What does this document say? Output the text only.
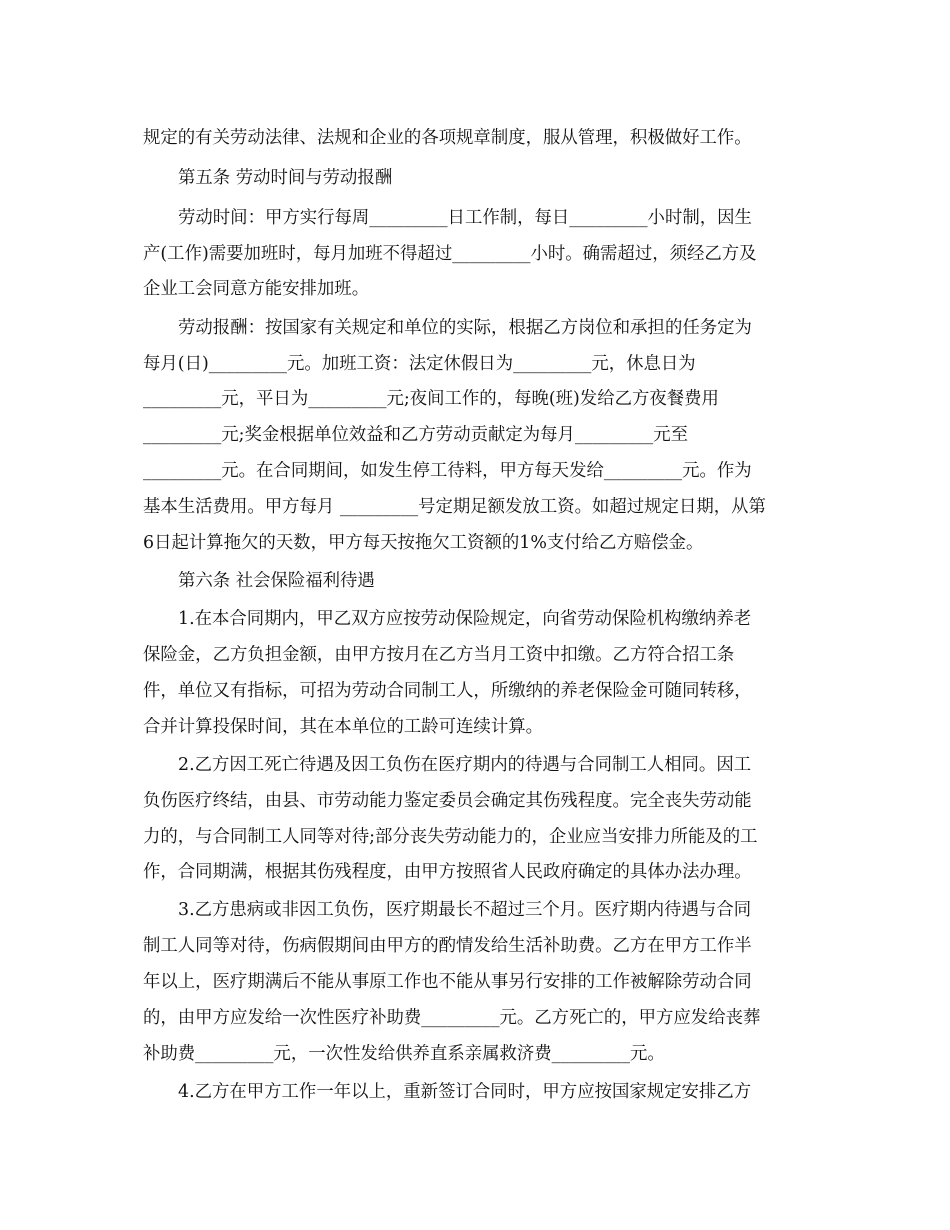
规定的有关劳动法律、法规和企业的各项规章制度，服从管理，积极做好工作。
第五条 劳动时间与劳动报酬
劳动时间：甲方实行每周_________日工作制，每日_________小时制，因生
产(工作)需要加班时，每月加班不得超过_________小时。确需超过，须经乙方及
企业工会同意方能安排加班。
劳动报酬：按国家有关规定和单位的实际，根据乙方岗位和承担的任务定为
每月(日)_________元。加班工资：法定休假日为_________元，休息日为
_________元，平日为_________元;夜间工作的，每晚(班)发给乙方夜餐费用
_________元;奖金根据单位效益和乙方劳动贡献定为每月_________元至
_________元。在合同期间，如发生停工待料，甲方每天发给_________元。作为
基本生活费用。甲方每月 _________号定期足额发放工资。如超过规定日期，从第
6日起计算拖欠的天数，甲方每天按拖欠工资额的1%支付给乙方赔偿金。
第六条 社会保险福利待遇
1.在本合同期内，甲乙双方应按劳动保险规定，向省劳动保险机构缴纳养老
保险金，乙方负担金额，由甲方按月在乙方当月工资中扣缴。乙方符合招工条
件，单位又有指标，可招为劳动合同制工人，所缴纳的养老保险金可随同转移，
合并计算投保时间，其在本单位的工龄可连续计算。
2.乙方因工死亡待遇及因工负伤在医疗期内的待遇与合同制工人相同。因工
负伤医疗终结，由县、市劳动能力鉴定委员会确定其伤残程度。完全丧失劳动能
力的，与合同制工人同等对待;部分丧失劳动能力的，企业应当安排力所能及的工
作，合同期满，根据其伤残程度，由甲方按照省人民政府确定的具体办法办理。
3.乙方患病或非因工负伤，医疗期最长不超过三个月。医疗期内待遇与合同
制工人同等对待，伤病假期间由甲方的酌情发给生活补助费。乙方在甲方工作半
年以上，医疗期满后不能从事原工作也不能从事另行安排的工作被解除劳动合同
的，由甲方应发给一次性医疗补助费_________元。乙方死亡的，甲方应发给丧葬
补助费_________元，一次性发给供养直系亲属救济费_________元。
4.乙方在甲方工作一年以上，重新签订合同时，甲方应按国家规定安排乙方
